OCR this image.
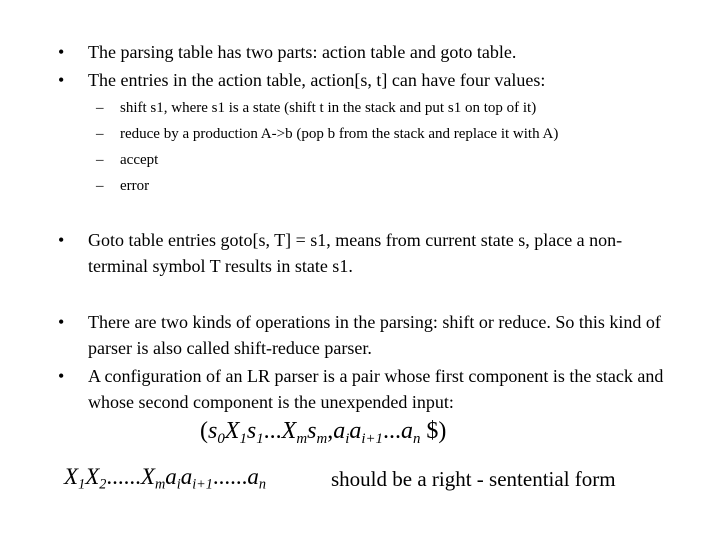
•	The parsing table has two parts: action table and goto table.
•	The entries in the action table, action[s, t] can have four values:
– shift s1, where s1 is a state (shift t in the stack and put s1 on top of it)
– reduce by a production A->b (pop b from the stack and replace it with A)
– accept
– error
•	Goto table entries goto[s, T] = s1, means from current state s, place a non-terminal symbol T results in state s1.
•	There are two kinds of operations in the parsing: shift or reduce. So this kind of parser is also called shift-reduce parser.
•	A configuration of an LR parser is a pair whose first component is the stack and whose second component is the unexpended input:
($s_0X_1s_1...X_ms_m,a_ia_{i+1}...a_n$ $)
$X_1X_2......X_ma_ia_{i+1}......a_n$	should be a right - sentential form
